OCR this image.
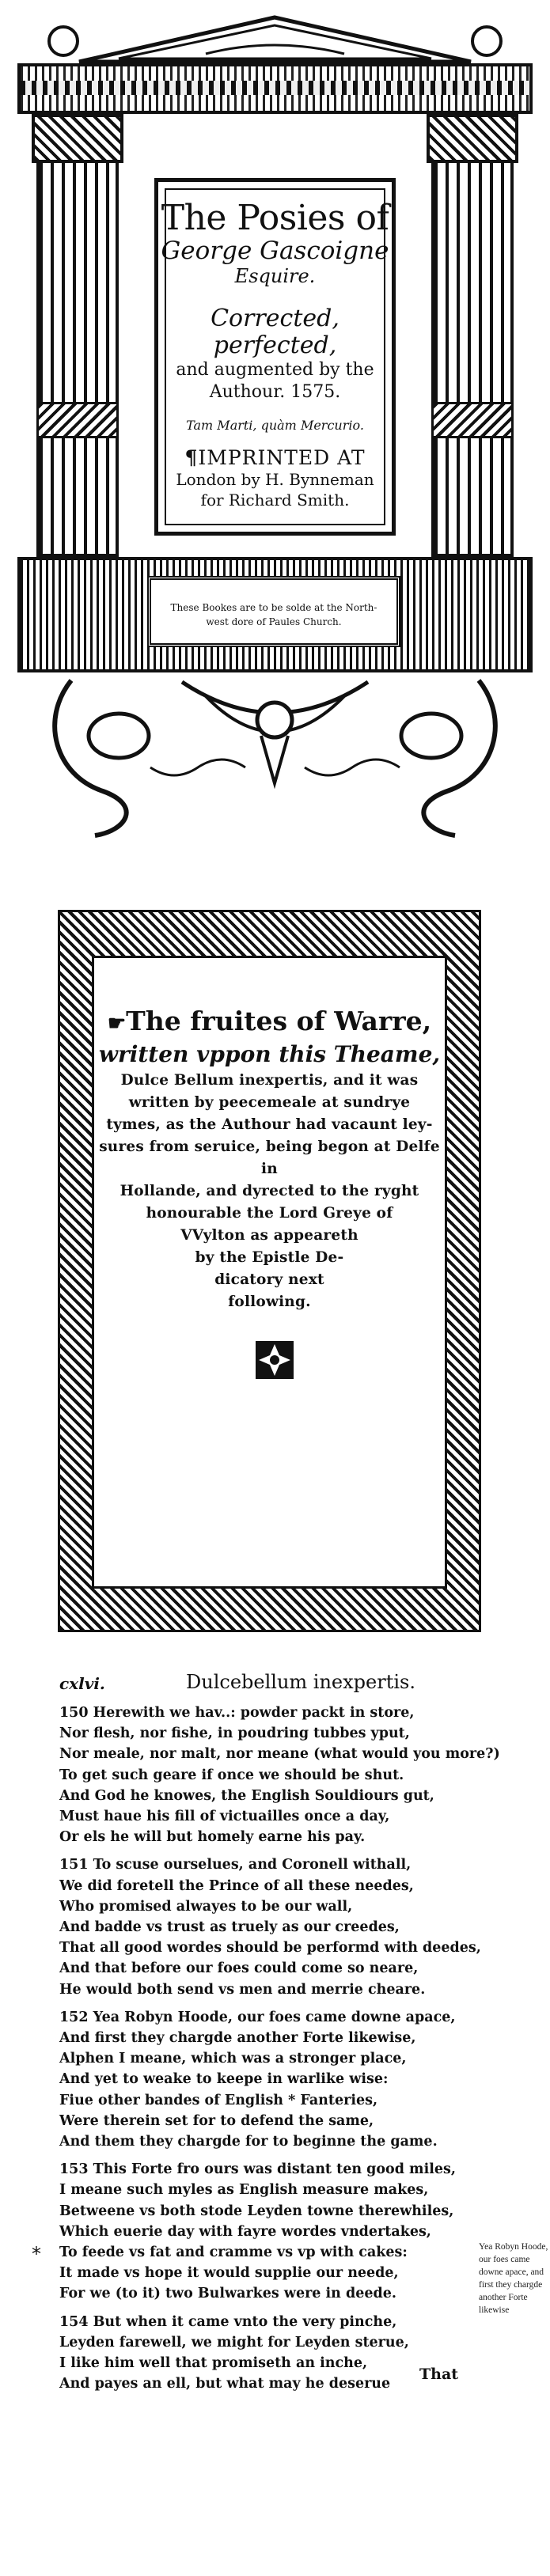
The Posies of
George Gascoigne
Esquire.
Corrected, perfected,
and augmented by the
Authour. 1575.
Tam Marti, quàm Mercurio.
¶IMPRINTED AT
London by H. Bynneman
for Richard Smith.
These Bookes are to be solde at the North-
west dore of Paules Church.
☛The fruites of Warre,
written vppon this Theame,
Dulce Bellum inexpertis, and it was
written by peecemeale at sundrye
tymes, as the Authour had vacaunt ley-
sures from seruice, being begon at Delfe in
Hollande, and dyrected to the ryght
honourable the Lord Greye of
VVylton as appeareth
by the Epistle De-
dicatory next
following.
cxlvi.	Dulcebellum inexpertis.
150 Herewith we hav..: powder packt in store,
Nor flesh, nor fishe, in poudring tubbes yput,
Nor meale, nor malt, nor meane (what would you more?)
To get such geare if once we should be shut.
And God he knowes, the English Souldiours gut,
Must haue his fill of victuailles once a day,
Or els he will but homely earne his pay.
151 To scuse ourselues, and Coronell withall,
We did foretell the Prince of all these needes,
Who promised alwayes to be our wall,
And badde vs trust as truely as our creedes,
That all good wordes should be performd with deedes,
And that before our foes could come so neare,
He would both send vs men and merrie cheare.
152 Yea Robyn Hoode, our foes came downe apace,
And first they chargde another Forte likewise,
Alphen I meane, which was a stronger place,
And yet to weake to keepe in warlike wise:
Fiue other bandes of English * Fanteries,
Were therein set for to defend the same,
And them they chargde for to beginne the game.
153 This Forte fro ours was distant ten good miles,
I meane such myles as English measure makes,
Betweene vs both stode Leyden towne therewhiles,
Which euerie day with fayre wordes vndertakes,
To feede vs fat and cramme vs vp with cakes:
It made vs hope it would supplie our neede,
For we (to it) two Bulwarkes were in deede.
154 But when it came vnto the very pinche,
Leyden farewell, we might for Leyden sterue,
I like him well that promiseth an inche,
And payes an ell, but what may he deserue
*	Yea Robyn Hoode, our foes came downe apace, and first they chargde another Forte likewise
That
